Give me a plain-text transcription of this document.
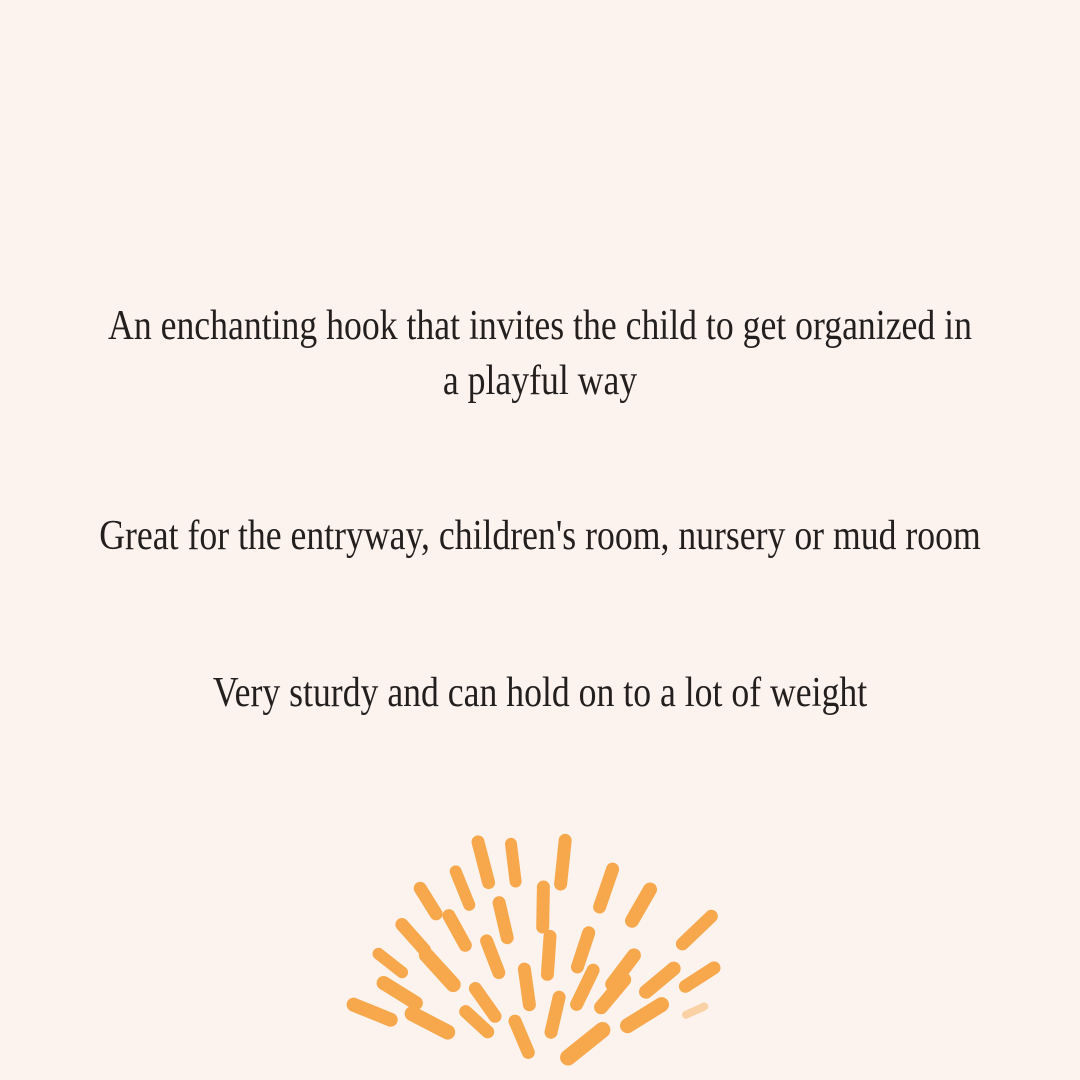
An enchanting hook that invites the child to get organized in
a playful way
Great for the entryway, children's room, nursery or mud room
Very sturdy and can hold on to a lot of weight
